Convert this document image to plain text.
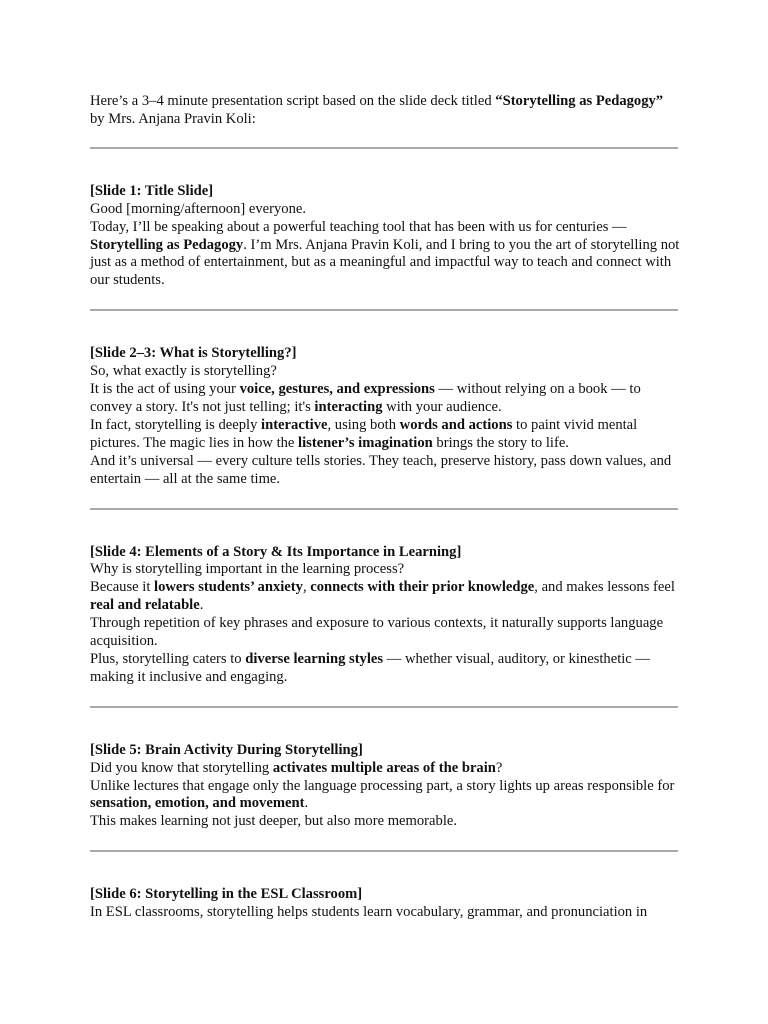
Here’s a 3–4 minute presentation script based on the slide deck titled “Storytelling as Pedagogy” by Mrs. Anjana Pravin Koli:

[Slide 1: Title Slide]

Good [morning/afternoon] everyone.

Today, I’ll be speaking about a powerful teaching tool that has been with us for centuries — Storytelling as Pedagogy. I’m Mrs. Anjana Pravin Koli, and I bring to you the art of storytelling not just as a method of entertainment, but as a meaningful and impactful way to teach and connect with our students.

[Slide 2–3: What is Storytelling?]

So, what exactly is storytelling?

It is the act of using your voice, gestures, and expressions — without relying on a book — to convey a story. It's not just telling; it's interacting with your audience.

In fact, storytelling is deeply interactive, using both words and actions to paint vivid mental pictures. The magic lies in how the listener’s imagination brings the story to life.

And it’s universal — every culture tells stories. They teach, preserve history, pass down values, and entertain — all at the same time.

[Slide 4: Elements of a Story & Its Importance in Learning]

Why is storytelling important in the learning process?

Because it lowers students’ anxiety, connects with their prior knowledge, and makes lessons feel real and relatable.

Through repetition of key phrases and exposure to various contexts, it naturally supports language acquisition.

Plus, storytelling caters to diverse learning styles — whether visual, auditory, or kinesthetic — making it inclusive and engaging.

[Slide 5: Brain Activity During Storytelling]

Did you know that storytelling activates multiple areas of the brain?

Unlike lectures that engage only the language processing part, a story lights up areas responsible for sensation, emotion, and movement.

This makes learning not just deeper, but also more memorable.

[Slide 6: Storytelling in the ESL Classroom]

In ESL classrooms, storytelling helps students learn vocabulary, grammar, and pronunciation in
